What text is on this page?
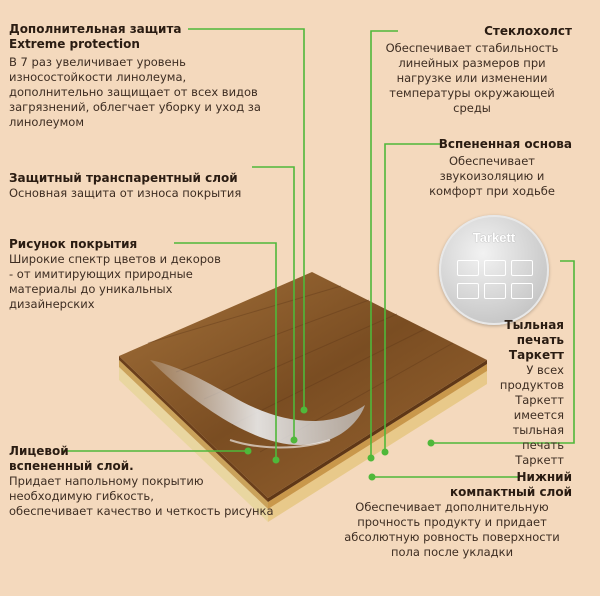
Tarkett
Дополнительная защита
Extreme protection
В 7 раз увеличивает уровень
износостойкости линолеума,
дополнительно защищает от всех видов
загрязнений, облегчает уборку и уход за
линолеумом
Защитный транспарентный слой
Основная защита от износа покрытия
Рисунок покрытия
Широкие спектр цветов и декоров
- от имитирующих природные
материалы до уникальных
дизайнерских
Лицевой
вспененный слой.
Придает напольному покрытию
необходимую гибкость,
обеспечивает качество и четкость рисунка
Стеклохолст
Обеспечивает стабильность
линейных размеров при
нагрузке или изменении
температуры окружающей
среды
Вспененная основа
Обеспечивает
звукоизоляцию и
комфорт при ходьбе
Тыльная
печать
Таркетт
У всех
продуктов
Таркетт
имеется
тыльная
печать
Таркетт
Нижний
компактный слой
Обеспечивает дополнительную
прочность продукту и придает
абсолютную ровность поверхности
пола после укладки
